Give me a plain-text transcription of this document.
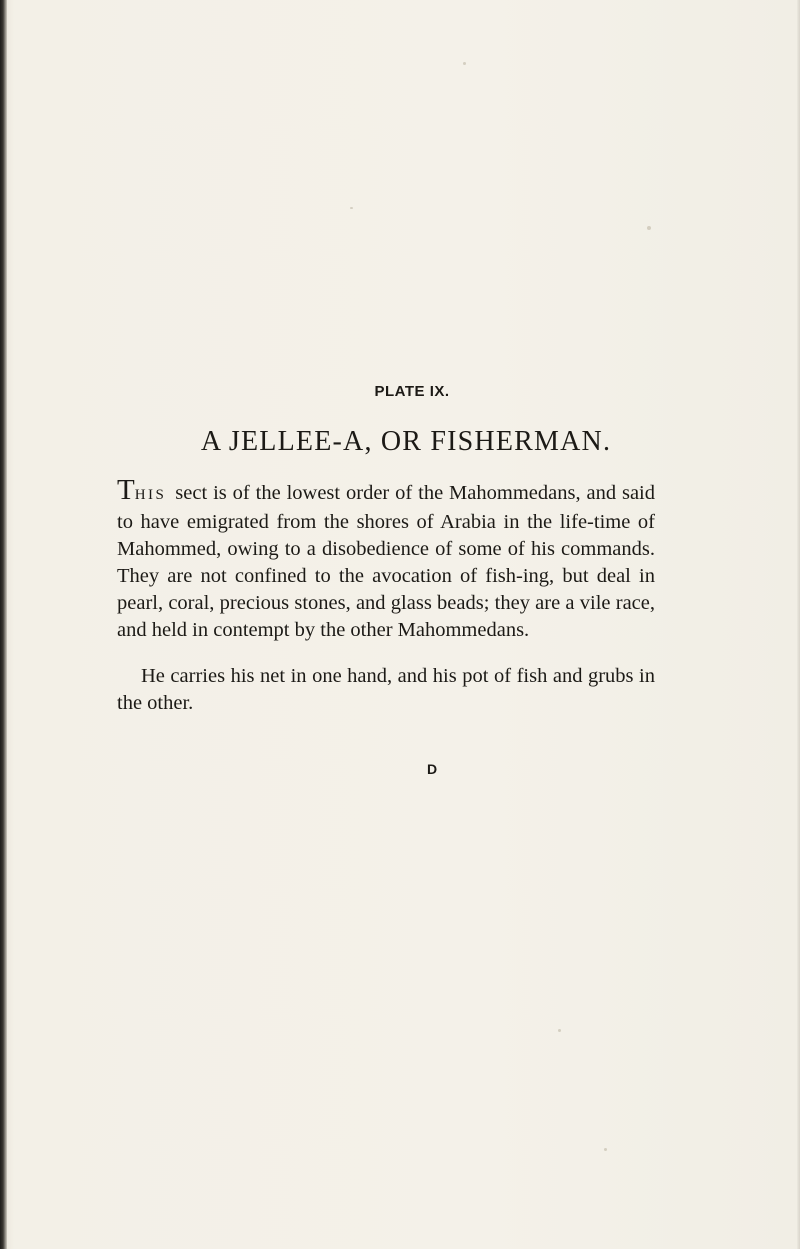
PLATE IX.
A JELLEE-A, OR FISHERMAN.

THIS sect is of the lowest order of the Mahommedans, and said to have emigrated from the shores of Arabia in the life-time of Mahommed, owing to a disobedience of some of his commands. They are not confined to the avocation of fish-ing, but deal in pearl, coral, precious stones, and glass beads; they are a vile race, and held in contempt by the other Mahommedans.

He carries his net in one hand, and his pot of fish and grubs in the other.

D
